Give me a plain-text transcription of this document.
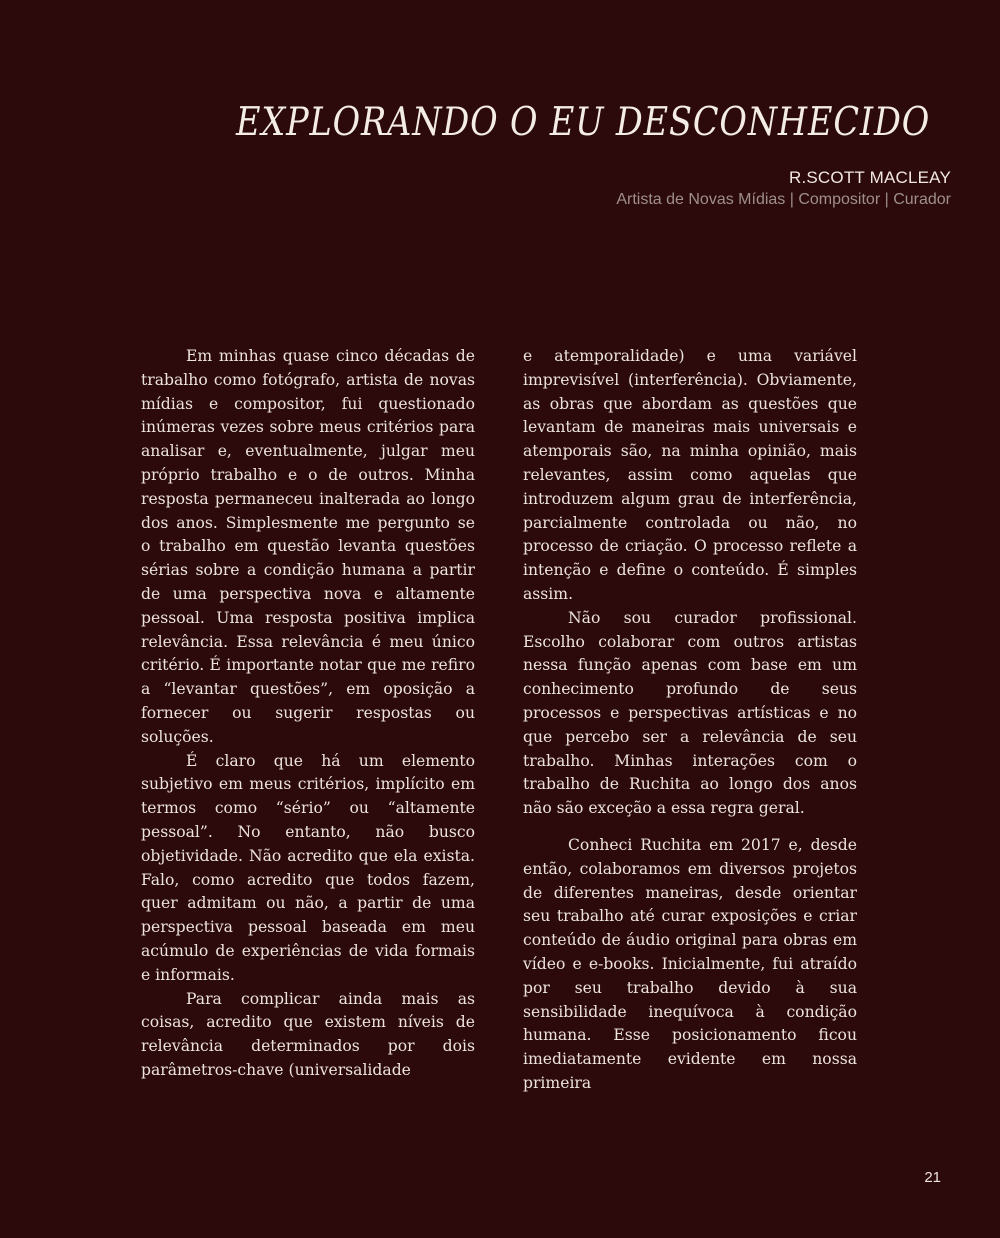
EXPLORANDO O EU DESCONHECIDO
R.SCOTT MACLEAY
Artista de Novas Mídias | Compositor | Curador

Em minhas quase cinco décadas de trabalho como fotógrafo, artista de novas mídias e compositor, fui questionado inúmeras vezes sobre meus critérios para analisar e, eventualmente, julgar meu próprio trabalho e o de outros. Minha resposta permaneceu inalterada ao longo dos anos. Simplesmente me pergunto se o trabalho em questão levanta questões sérias sobre a condição humana a partir de uma perspectiva nova e altamente pessoal. Uma resposta positiva implica relevância. Essa relevância é meu único critério. É importante notar que me refiro a “levantar questões”, em oposição a fornecer ou sugerir respostas ou soluções.

É claro que há um elemento subjetivo em meus critérios, implícito em termos como “sério” ou “altamente pessoal”. No entanto, não busco objetividade. Não acredito que ela exista. Falo, como acredito que todos fazem, quer admitam ou não, a partir de uma perspectiva pessoal baseada em meu acúmulo de experiências de vida formais e informais.

Para complicar ainda mais as coisas, acredito que existem níveis de relevância determinados por dois parâmetros-chave (universalidade

e atemporalidade) e uma variável imprevisível (interferência). Obviamente, as obras que abordam as questões que levantam de maneiras mais universais e atemporais são, na minha opinião, mais relevantes, assim como aquelas que introduzem algum grau de interferência, parcialmente controlada ou não, no processo de criação. O processo reflete a intenção e define o conteúdo. É simples assim.

Não sou curador profissional. Escolho colaborar com outros artistas nessa função apenas com base em um conhecimento profundo de seus processos e perspectivas artísticas e no que percebo ser a relevância de seu trabalho. Minhas interações com o trabalho de Ruchita ao longo dos anos não são exceção a essa regra geral.

Conheci Ruchita em 2017 e, desde então, colaboramos em diversos projetos de diferentes maneiras, desde orientar seu trabalho até curar exposições e criar conteúdo de áudio original para obras em vídeo e e-books. Inicialmente, fui atraído por seu trabalho devido à sua sensibilidade inequívoca à condição humana. Esse posicionamento ficou imediatamente evidente em nossa primeira

21
